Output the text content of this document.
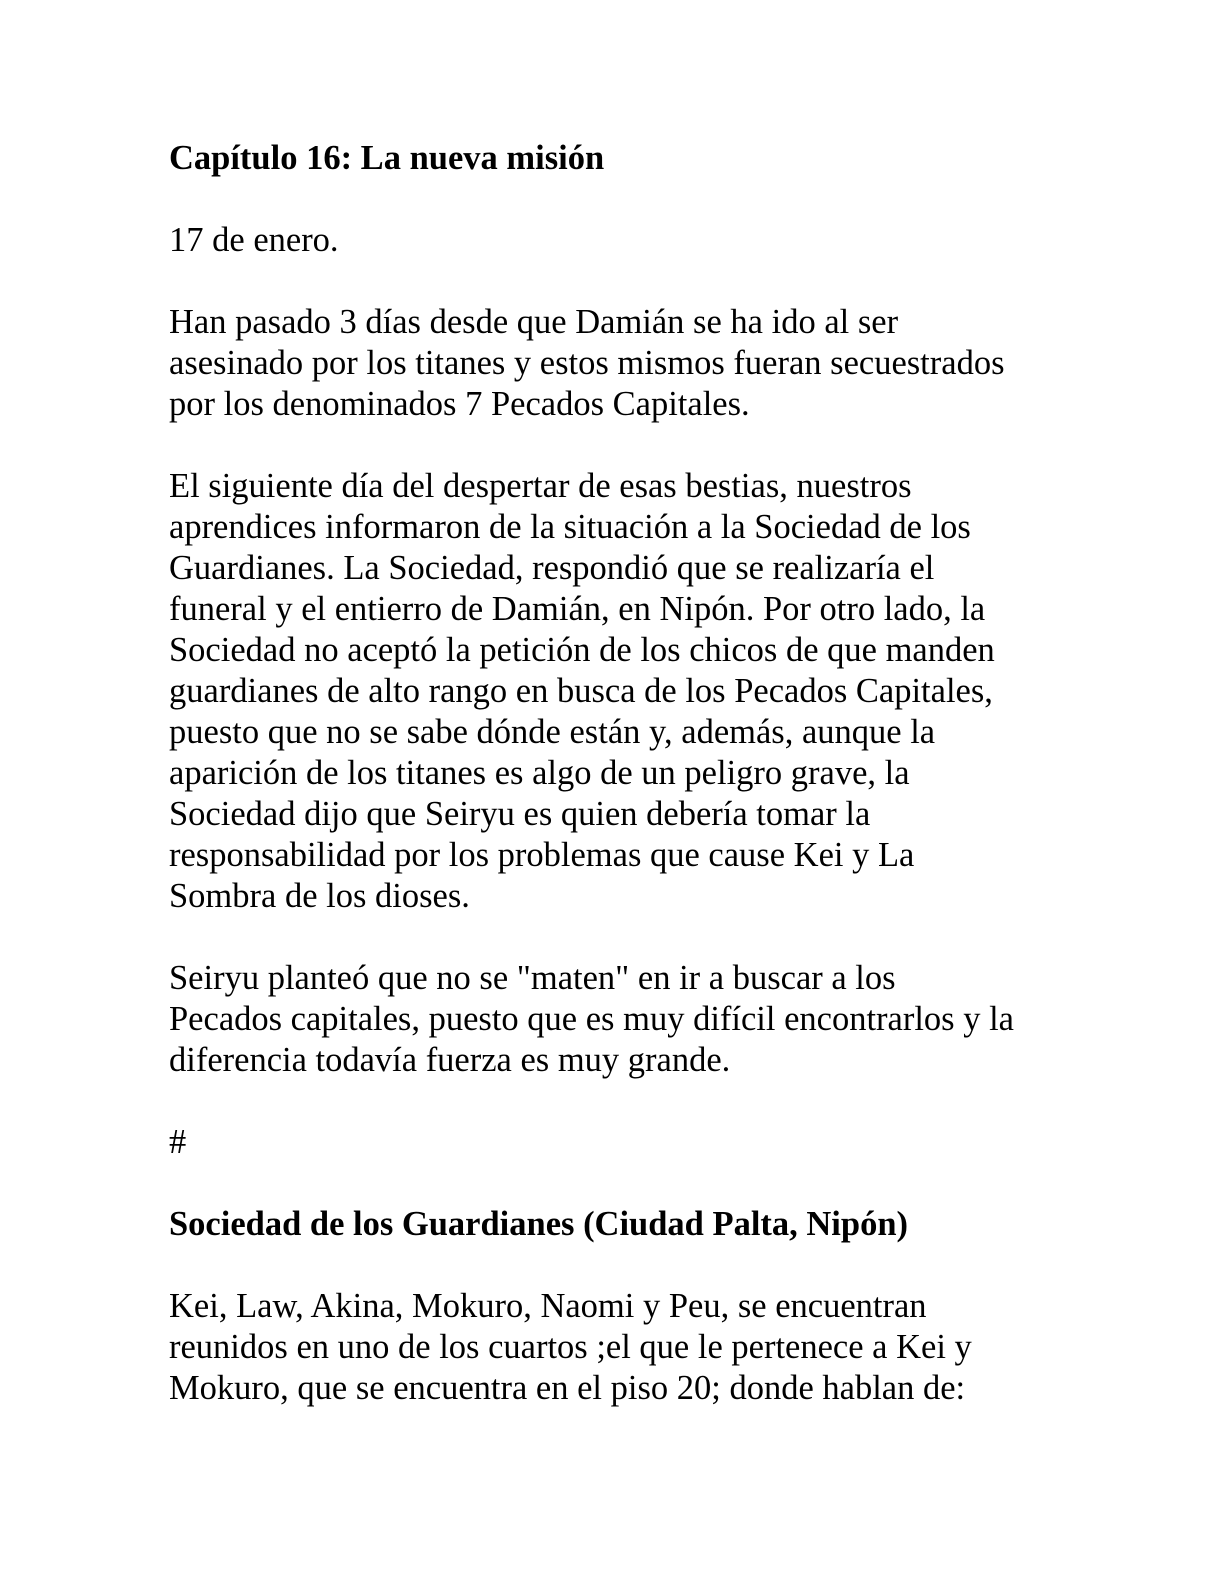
Capítulo 16: La nueva misión

17 de enero.

Han pasado 3 días desde que Damián se ha ido al ser
asesinado por los titanes y estos mismos fueran secuestrados
por los denominados 7 Pecados Capitales.

El siguiente día del despertar de esas bestias, nuestros
aprendices informaron de la situación a la Sociedad de los
Guardianes. La Sociedad, respondió que se realizaría el
funeral y el entierro de Damián, en Nipón. Por otro lado, la
Sociedad no aceptó la petición de los chicos de que manden
guardianes de alto rango en busca de los Pecados Capitales,
puesto que no se sabe dónde están y, además, aunque la
aparición de los titanes es algo de un peligro grave, la
Sociedad dijo que Seiryu es quien debería tomar la
responsabilidad por los problemas que cause Kei y La
Sombra de los dioses.

Seiryu planteó que no se "maten" en ir a buscar a los
Pecados capitales, puesto que es muy difícil encontrarlos y la
diferencia todavía fuerza es muy grande.

#

Sociedad de los Guardianes (Ciudad Palta, Nipón)

Kei, Law, Akina, Mokuro, Naomi y Peu, se encuentran
reunidos en uno de los cuartos ;el que le pertenece a Kei y
Mokuro, que se encuentra en el piso 20; donde hablan de:
